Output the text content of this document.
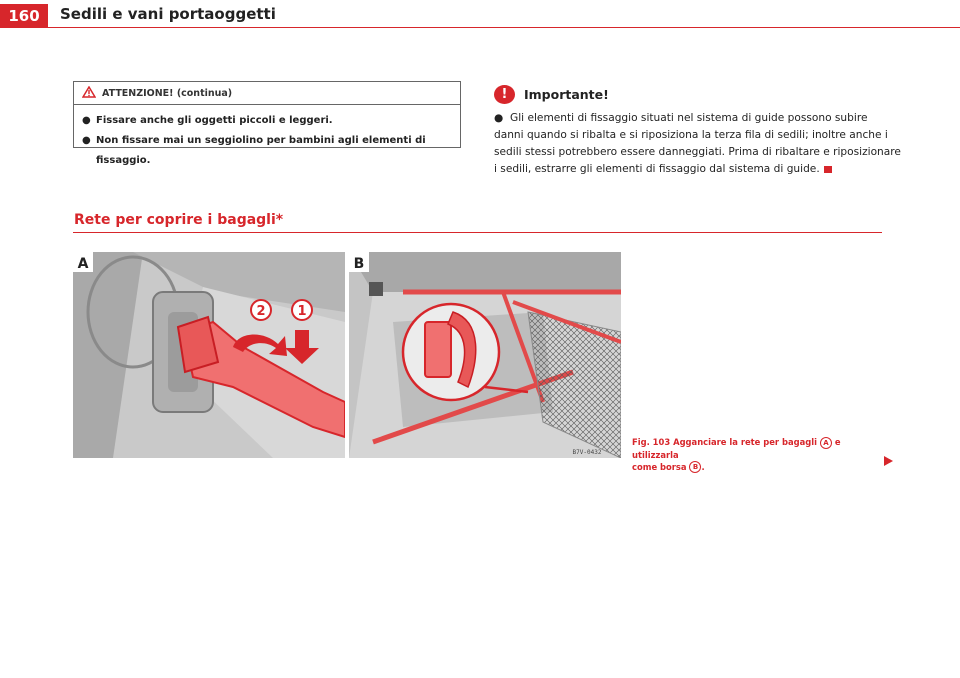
160	Sedili e vani portaoggetti
ATTENZIONE! (continua)
● Fissare anche gli oggetti piccoli e leggeri.
● Non fissare mai un seggiolino per bambini agli elementi di fissaggio.
!	Importante!
● Gli elementi di fissaggio situati nel sistema di guide possono subire
danni quando si ribalta e si riposiziona la terza fila di sedili; inoltre anche i
sedili stessi potrebbero essere danneggiati. Prima di ribaltare e riposizionare
i sedili, estrarre gli elementi di fissaggio dal sistema di guide.
Rete per coprire i bagagli*
2 1
A	B
B7V-0432
Fig. 103 Agganciare la rete per bagagli A e utilizzarla
come borsa B .
